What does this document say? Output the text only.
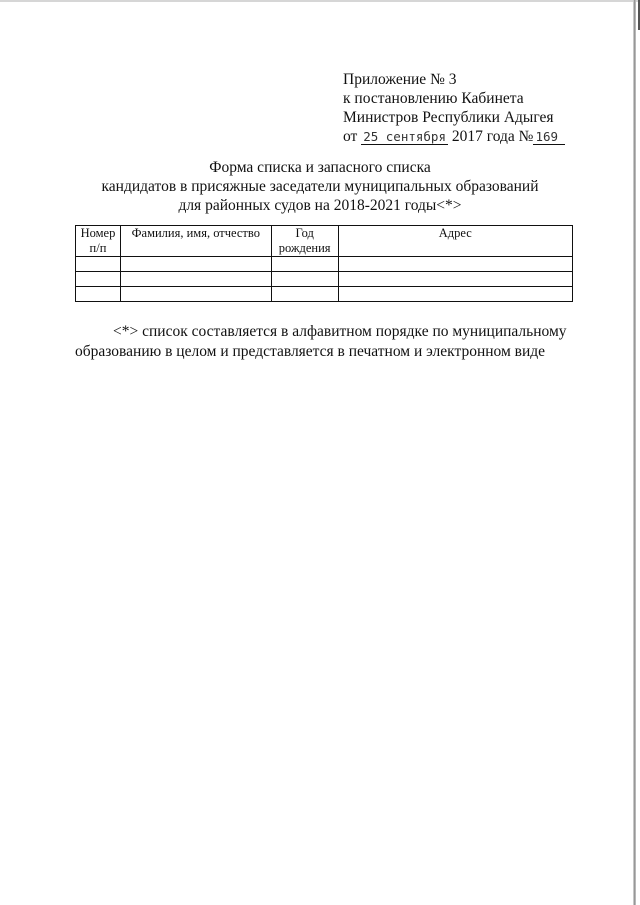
Приложение № 3
к постановлению Кабинета
Министров Республики Адыгея
от 25 сентября 2017 года № 169
Форма списка и запасного списка
кандидатов в присяжные заседатели муниципальных образований
для районных судов на 2018-2021 годы<*>
Номер п/п	Фамилия, имя, отчество	Год рождения	Адрес

<*> список составляется в алфавитном порядке по муниципальному образованию в целом и представляется в печатном и электронном виде
